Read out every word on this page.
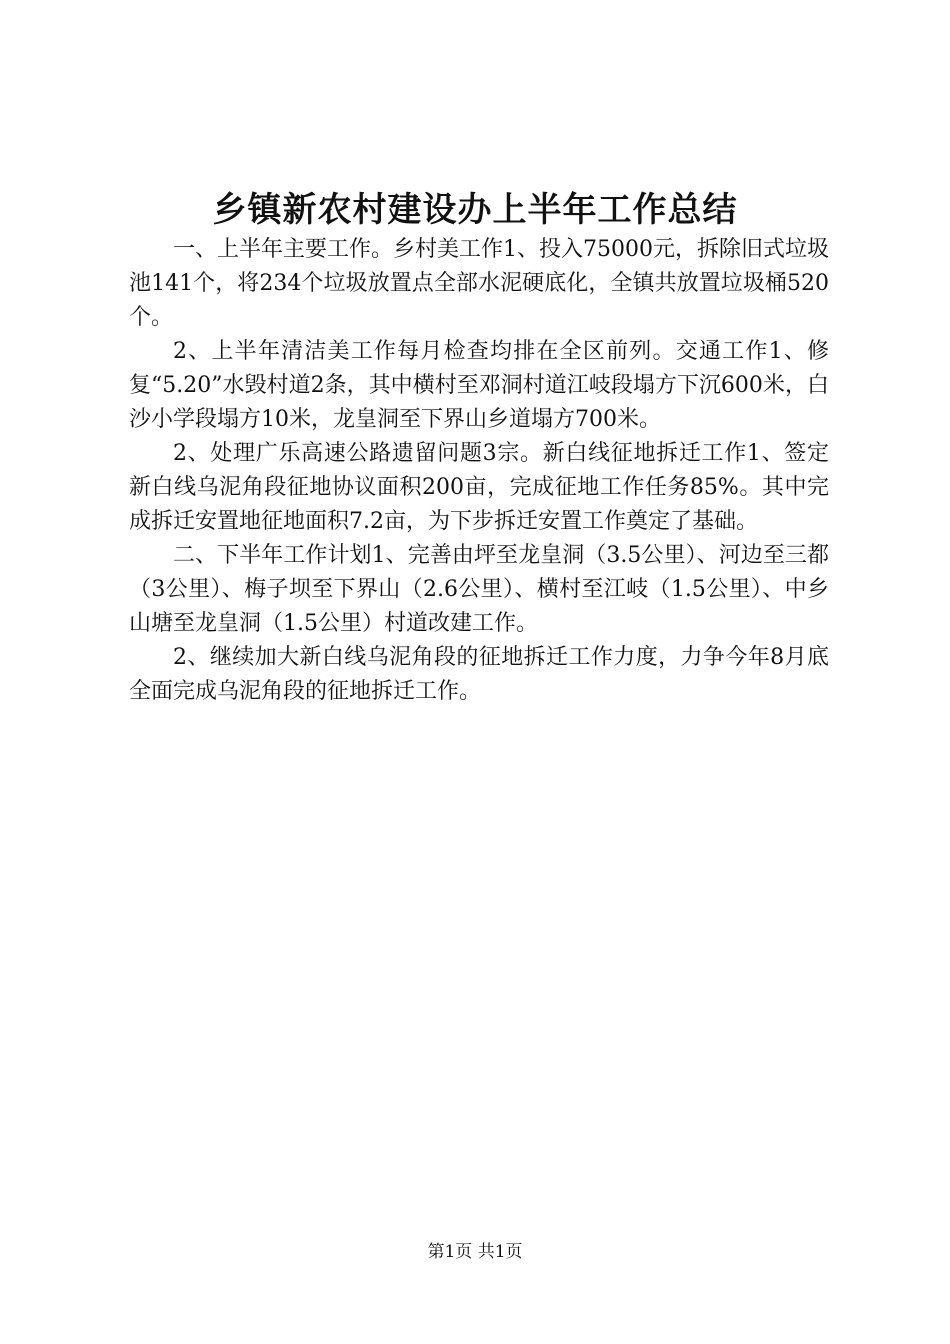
乡镇新农村建设办上半年工作总结

一、上半年主要工作。乡村美工作1、投入75000元，拆除旧式垃圾池141个，将234个垃圾放置点全部水泥硬底化，全镇共放置垃圾桶520个。

2、上半年清洁美工作每月检查均排在全区前列。交通工作1、修复“5.20”水毁村道2条，其中横村至邓洞村道江岐段塌方下沉600米，白沙小学段塌方10米，龙皇洞至下界山乡道塌方700米。

2、处理广乐高速公路遗留问题3宗。新白线征地拆迁工作1、签定新白线乌泥角段征地协议面积200亩，完成征地工作任务85%。其中完成拆迁安置地征地面积7.2亩，为下步拆迁安置工作奠定了基础。

二、下半年工作计划1、完善由坪至龙皇洞（3.5公里）、河边至三都（3公里）、梅子坝至下界山（2.6公里）、横村至江岐（1.5公里）、中乡山塘至龙皇洞（1.5公里）村道改建工作。

2、继续加大新白线乌泥角段的征地拆迁工作力度，力争今年8月底全面完成乌泥角段的征地拆迁工作。

第1页 共1页
